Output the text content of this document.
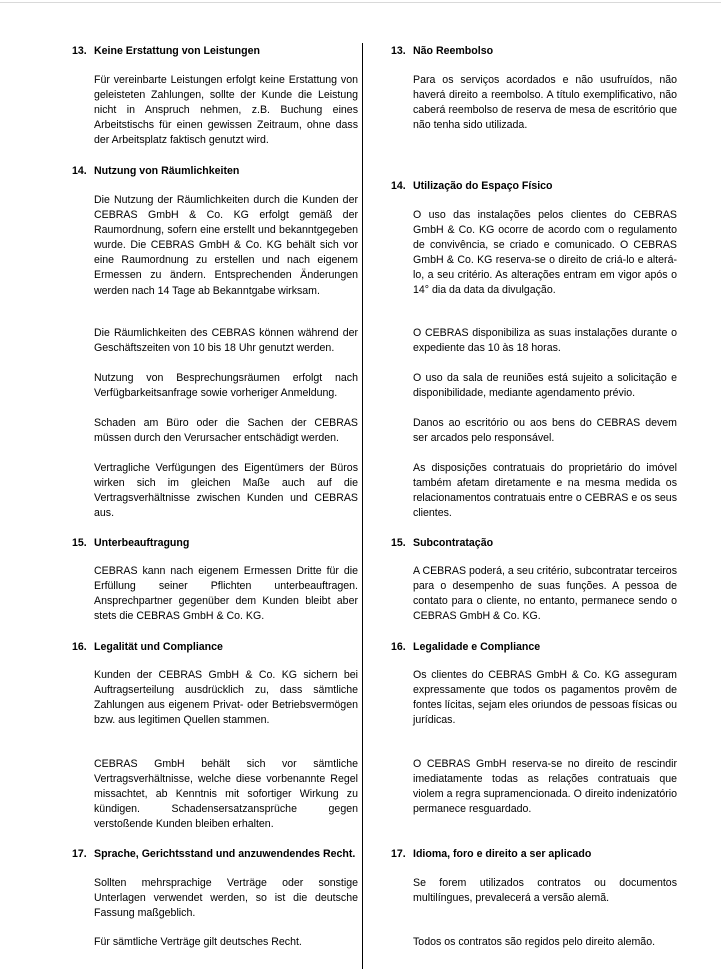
13. Keine Erstattung von Leistungen
Für vereinbarte Leistungen erfolgt keine Erstattung von geleisteten Zahlungen, sollte der Kunde die Leistung nicht in Anspruch nehmen, z.B. Buchung eines Arbeitstischs für einen gewissen Zeitraum, ohne dass der Arbeitsplatz faktisch genutzt wird.
14. Nutzung von Räumlichkeiten
Die Nutzung der Räumlichkeiten durch die Kunden der CEBRAS GmbH & Co. KG erfolgt gemäß der Raumordnung, sofern eine erstellt und bekanntgegeben wurde. Die CEBRAS GmbH & Co. KG behält sich vor eine Raumordnung zu erstellen und nach eigenem Ermessen zu ändern. Entsprechenden Änderungen werden nach 14 Tage ab Bekanntgabe wirksam.
Die Räumlichkeiten des CEBRAS können während der Geschäftszeiten von 10 bis 18 Uhr genutzt werden.
Nutzung von Besprechungsräumen erfolgt nach Verfügbarkeitsanfrage sowie vorheriger Anmeldung.
Schaden am Büro oder die Sachen der CEBRAS müssen durch den Verursacher entschädigt werden.
Vertragliche Verfügungen des Eigentümers der Büros wirken sich im gleichen Maße auch auf die Vertragsverhältnisse zwischen Kunden und CEBRAS aus.
15. Unterbeauftragung
CEBRAS kann nach eigenem Ermessen Dritte für die Erfüllung seiner Pflichten unterbeauftragen. Ansprechpartner gegenüber dem Kunden bleibt aber stets die CEBRAS GmbH & Co. KG.
16. Legalität und Compliance
Kunden der CEBRAS GmbH & Co. KG sichern bei Auftragserteilung ausdrücklich zu, dass sämtliche Zahlungen aus eigenem Privat- oder Betriebsvermögen bzw. aus legitimen Quellen stammen.
CEBRAS GmbH behält sich vor sämtliche Vertragsverhältnisse, welche diese vorbenannte Regel missachtet, ab Kenntnis mit sofortiger Wirkung zu kündigen. Schadensersatzansprüche gegen verstoßende Kunden bleiben erhalten.
17. Sprache, Gerichtsstand und anzuwendendes Recht.
Sollten mehrsprachige Verträge oder sonstige Unterlagen verwendet werden, so ist die deutsche Fassung maßgeblich.
Für sämtliche Verträge gilt deutsches Recht.
13. Não Reembolso
Para os serviços acordados e não usufruídos, não haverá direito a reembolso. A título exemplificativo, não caberá reembolso de reserva de mesa de escritório que não tenha sido utilizada.
14. Utilização do Espaço Físico
O uso das instalações pelos clientes do CEBRAS GmbH & Co. KG ocorre de acordo com o regulamento de convivência, se criado e comunicado. O CEBRAS GmbH & Co. KG reserva-se o direito de criá-lo e alterá-lo, a seu critério. As alterações entram em vigor após o 14° dia da data da divulgação.
O CEBRAS disponibiliza as suas instalações durante o expediente das 10 às 18 horas.
O uso da sala de reuniões está sujeito a solicitação e disponibilidade, mediante agendamento prévio.
Danos ao escritório ou aos bens do CEBRAS devem ser arcados pelo responsável.
As disposições contratuais do proprietário do imóvel também afetam diretamente e na mesma medida os relacionamentos contratuais entre o CEBRAS e os seus clientes.
15. Subcontratação
A CEBRAS poderá, a seu critério, subcontratar terceiros para o desempenho de suas funções. A pessoa de contato para o cliente, no entanto, permanece sendo o CEBRAS GmbH & Co. KG.
16. Legalidade e Compliance
Os clientes do CEBRAS GmbH & Co. KG asseguram expressamente que todos os pagamentos provêm de fontes lícitas, sejam eles oriundos de pessoas físicas ou jurídicas.
O CEBRAS GmbH reserva-se no direito de rescindir imediatamente todas as relações contratuais que violem a regra supramencionada. O direito indenizatório permanece resguardado.
17. Idioma, foro e direito a ser aplicado
Se forem utilizados contratos ou documentos multilíngues, prevalecerá a versão alemã.
Todos os contratos são regidos pelo direito alemão.
